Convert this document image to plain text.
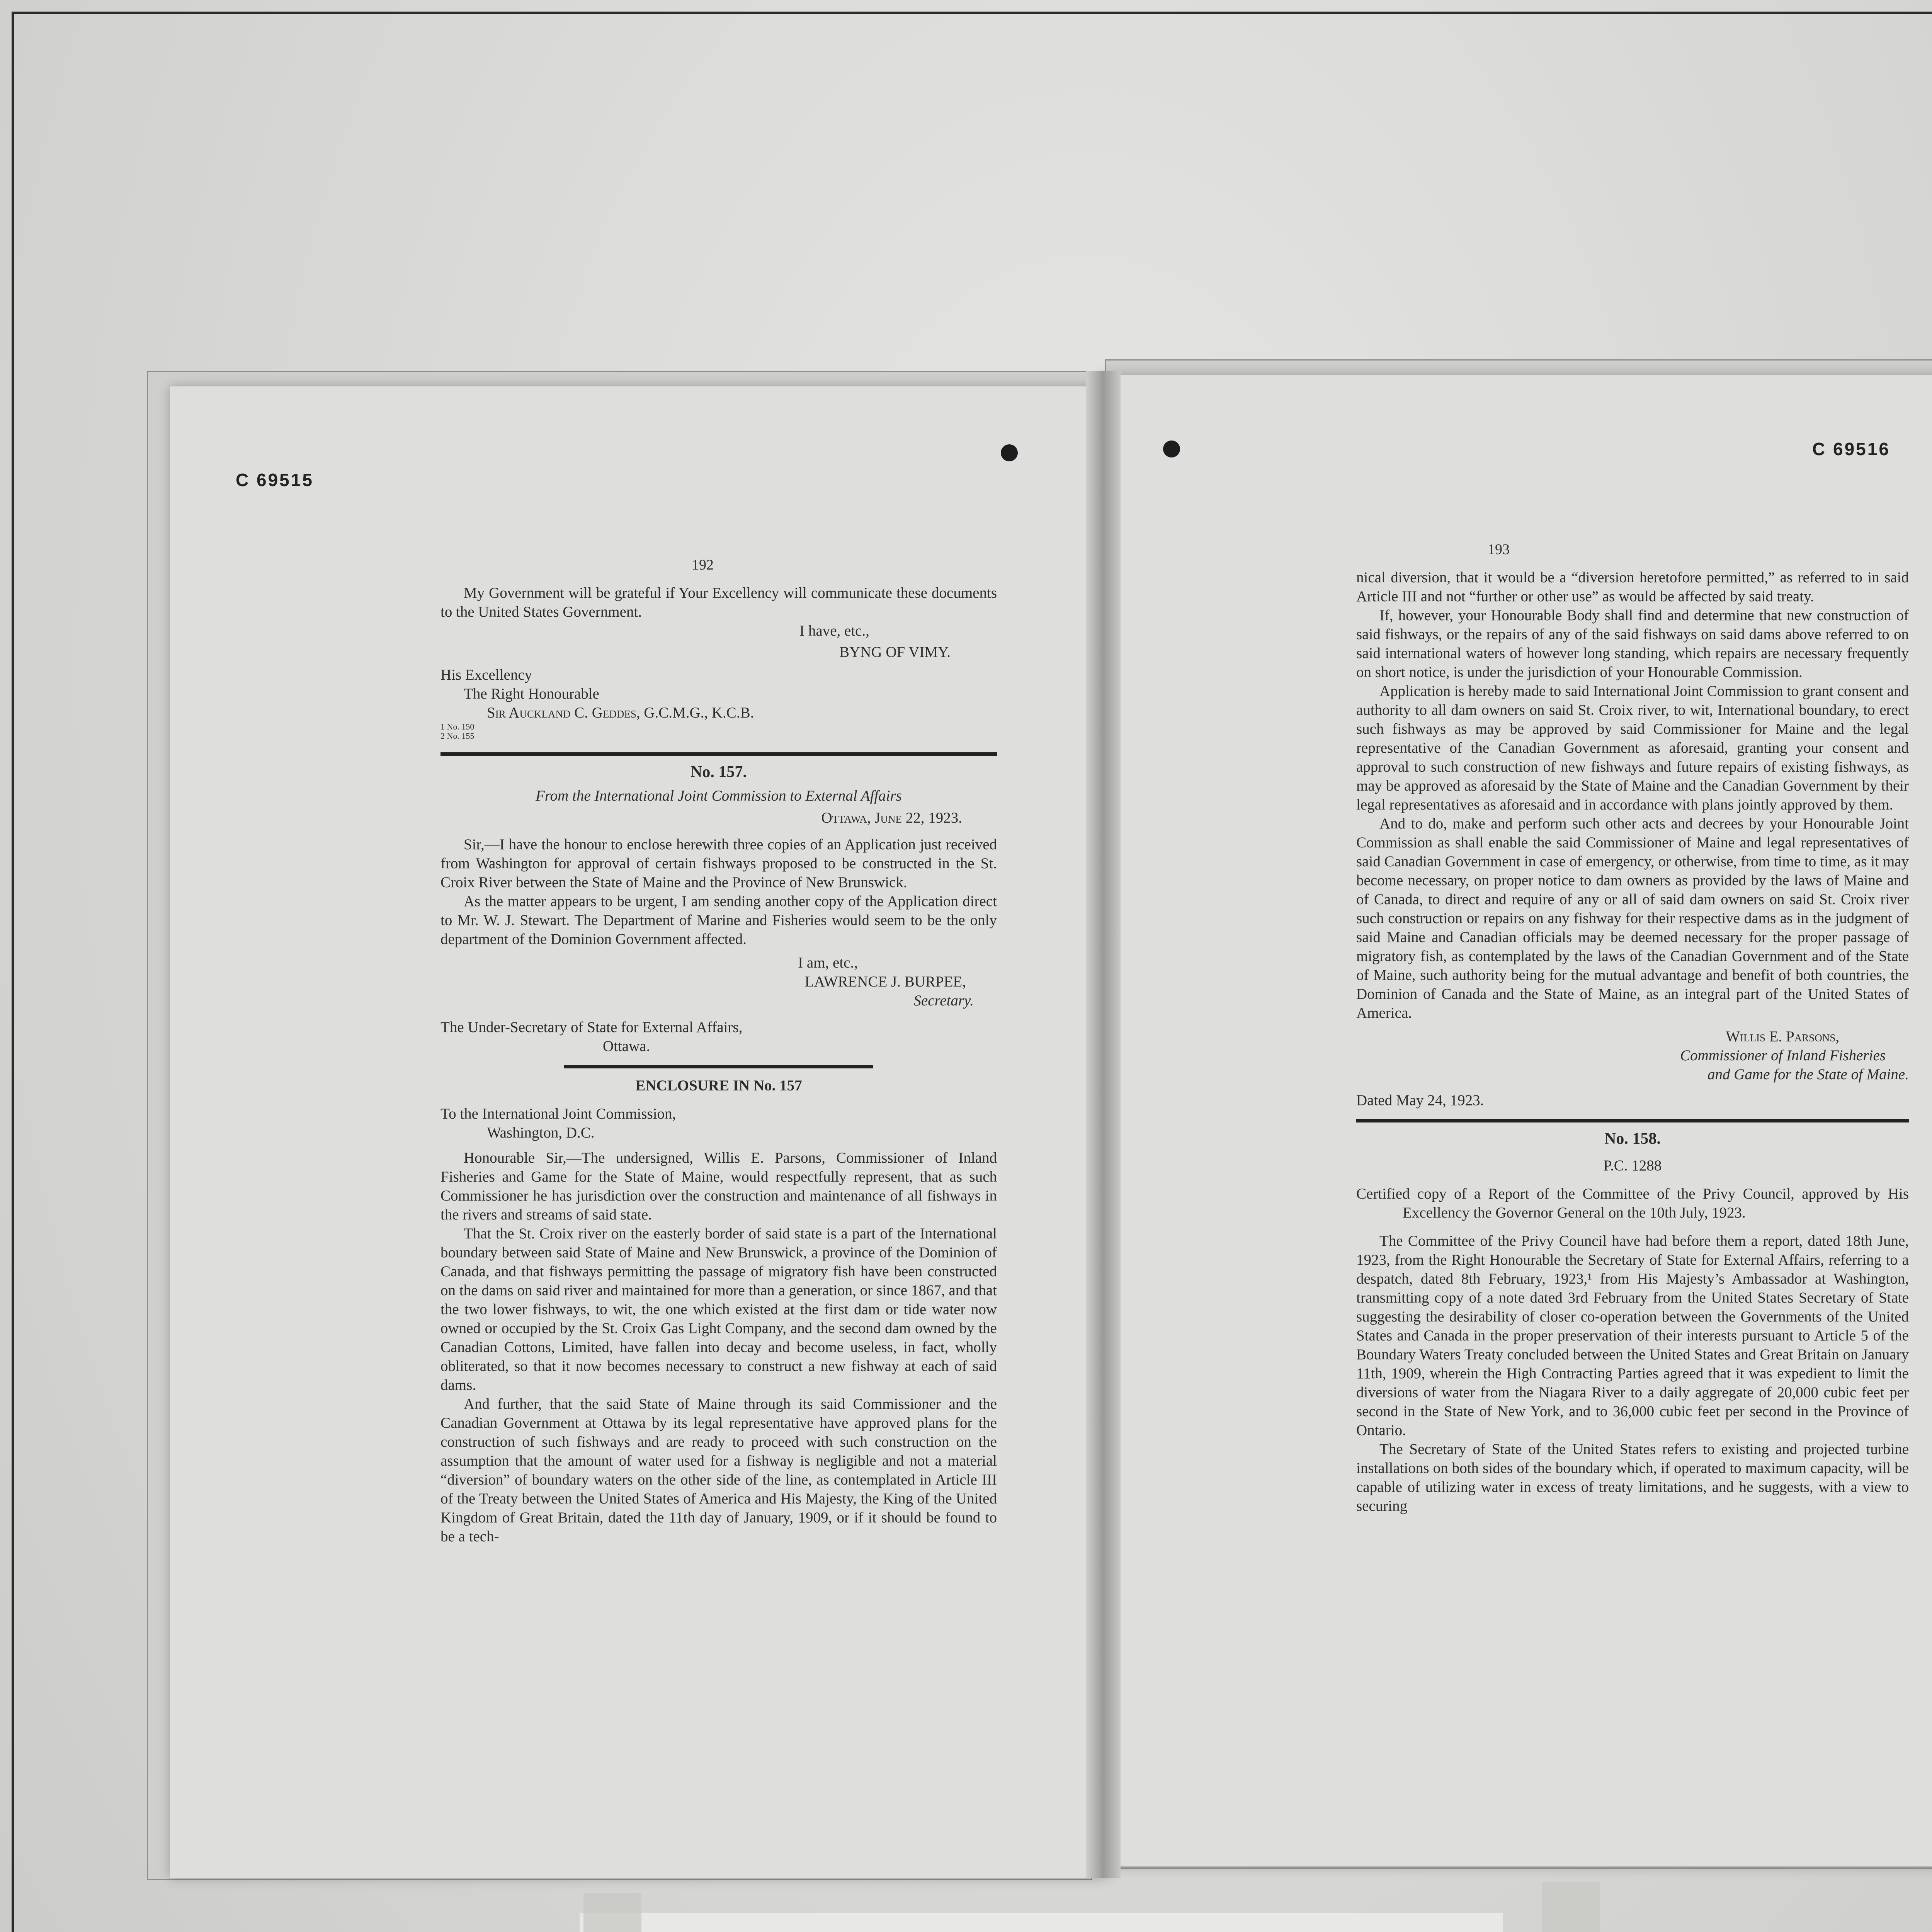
C 69515
C 69516
192
193

My Government will be grateful if Your Excellency will communicate these documents to the United States Government.

I have, etc.,
BYNG OF VIMY.
His Excellency
The Right Honourable
Sir Auckland C. Geddes, G.C.M.G., K.C.B.
1 No. 150
2 No. 155
No. 157.
From the International Joint Commission to External Affairs
Ottawa, June 22, 1923.

Sir,—I have the honour to enclose herewith three copies of an Application just received from Washington for approval of certain fishways proposed to be constructed in the St. Croix River between the State of Maine and the Province of New Brunswick.

As the matter appears to be urgent, I am sending another copy of the Application direct to Mr. W. J. Stewart. The Department of Marine and Fisheries would seem to be the only department of the Dominion Government affected.

I am, etc.,
LAWRENCE J. BURPEE,
Secretary.
The Under-Secretary of State for External Affairs,
Ottawa.
ENCLOSURE IN No. 157
To the International Joint Commission,
Washington, D.C.

Honourable Sir,—The undersigned, Willis E. Parsons, Commissioner of Inland Fisheries and Game for the State of Maine, would respectfully represent, that as such Commissioner he has jurisdiction over the construction and maintenance of all fishways in the rivers and streams of said state.

That the St. Croix river on the easterly border of said state is a part of the International boundary between said State of Maine and New Brunswick, a province of the Dominion of Canada, and that fishways permitting the passage of migratory fish have been constructed on the dams on said river and maintained for more than a generation, or since 1867, and that the two lower fishways, to wit, the one which existed at the first dam or tide water now owned or occupied by the St. Croix Gas Light Company, and the second dam owned by the Canadian Cottons, Limited, have fallen into decay and become useless, in fact, wholly obliterated, so that it now becomes necessary to construct a new fishway at each of said dams.

And further, that the said State of Maine through its said Commissioner and the Canadian Government at Ottawa by its legal representative have approved plans for the construction of such fishways and are ready to proceed with such construction on the assumption that the amount of water used for a fishway is negligible and not a material “diversion” of boundary waters on the other side of the line, as contemplated in Article III of the Treaty between the United States of America and His Majesty, the King of the United Kingdom of Great Britain, dated the 11th day of January, 1909, or if it should be found to be a tech-

nical diversion, that it would be a “diversion heretofore permitted,” as referred to in said Article III and not “further or other use” as would be affected by said treaty.

If, however, your Honourable Body shall find and determine that new construction of said fishways, or the repairs of any of the said fishways on said dams above referred to on said international waters of however long standing, which repairs are necessary frequently on short notice, is under the jurisdiction of your Honourable Commission.

Application is hereby made to said International Joint Commission to grant consent and authority to all dam owners on said St. Croix river, to wit, International boundary, to erect such fishways as may be approved by said Commissioner for Maine and the legal representative of the Canadian Government as aforesaid, granting your consent and approval to such construction of new fishways and future repairs of existing fishways, as may be approved as aforesaid by the State of Maine and the Canadian Government by their legal representatives as aforesaid and in accordance with plans jointly approved by them.

And to do, make and perform such other acts and decrees by your Honourable Joint Commission as shall enable the said Commissioner of Maine and legal representatives of said Canadian Government in case of emergency, or otherwise, from time to time, as it may become necessary, on proper notice to dam owners as provided by the laws of Maine and of Canada, to direct and require of any or all of said dam owners on said St. Croix river such construction or repairs on any fishway for their respective dams as in the judgment of said Maine and Canadian officials may be deemed necessary for the proper passage of migratory fish, as contemplated by the laws of the Canadian Government and of the State of Maine, such authority being for the mutual advantage and benefit of both countries, the Dominion of Canada and the State of Maine, as an integral part of the United States of America.

Willis E. Parsons,
Commissioner of Inland Fisheries
and Game for the State of Maine.
Dated May 24, 1923.
No. 158.
P.C. 1288

Certified copy of a Report of the Committee of the Privy Council, approved by His Excellency the Governor General on the 10th July, 1923.

The Committee of the Privy Council have had before them a report, dated 18th June, 1923, from the Right Honourable the Secretary of State for External Affairs, referring to a despatch, dated 8th February, 1923,¹ from His Majesty’s Ambassador at Washington, transmitting copy of a note dated 3rd February from the United States Secretary of State suggesting the desirability of closer co-operation between the Governments of the United States and Canada in the proper preservation of their interests pursuant to Article 5 of the Boundary Waters Treaty concluded between the United States and Great Britain on January 11th, 1909, wherein the High Contracting Parties agreed that it was expedient to limit the diversions of water from the Niagara River to a daily aggregate of 20,000 cubic feet per second in the State of New York, and to 36,000 cubic feet per second in the Province of Ontario.

The Secretary of State of the United States refers to existing and projected turbine installations on both sides of the boundary which, if operated to maximum capacity, will be capable of utilizing water in excess of treaty limitations, and he suggests, with a view to securing
